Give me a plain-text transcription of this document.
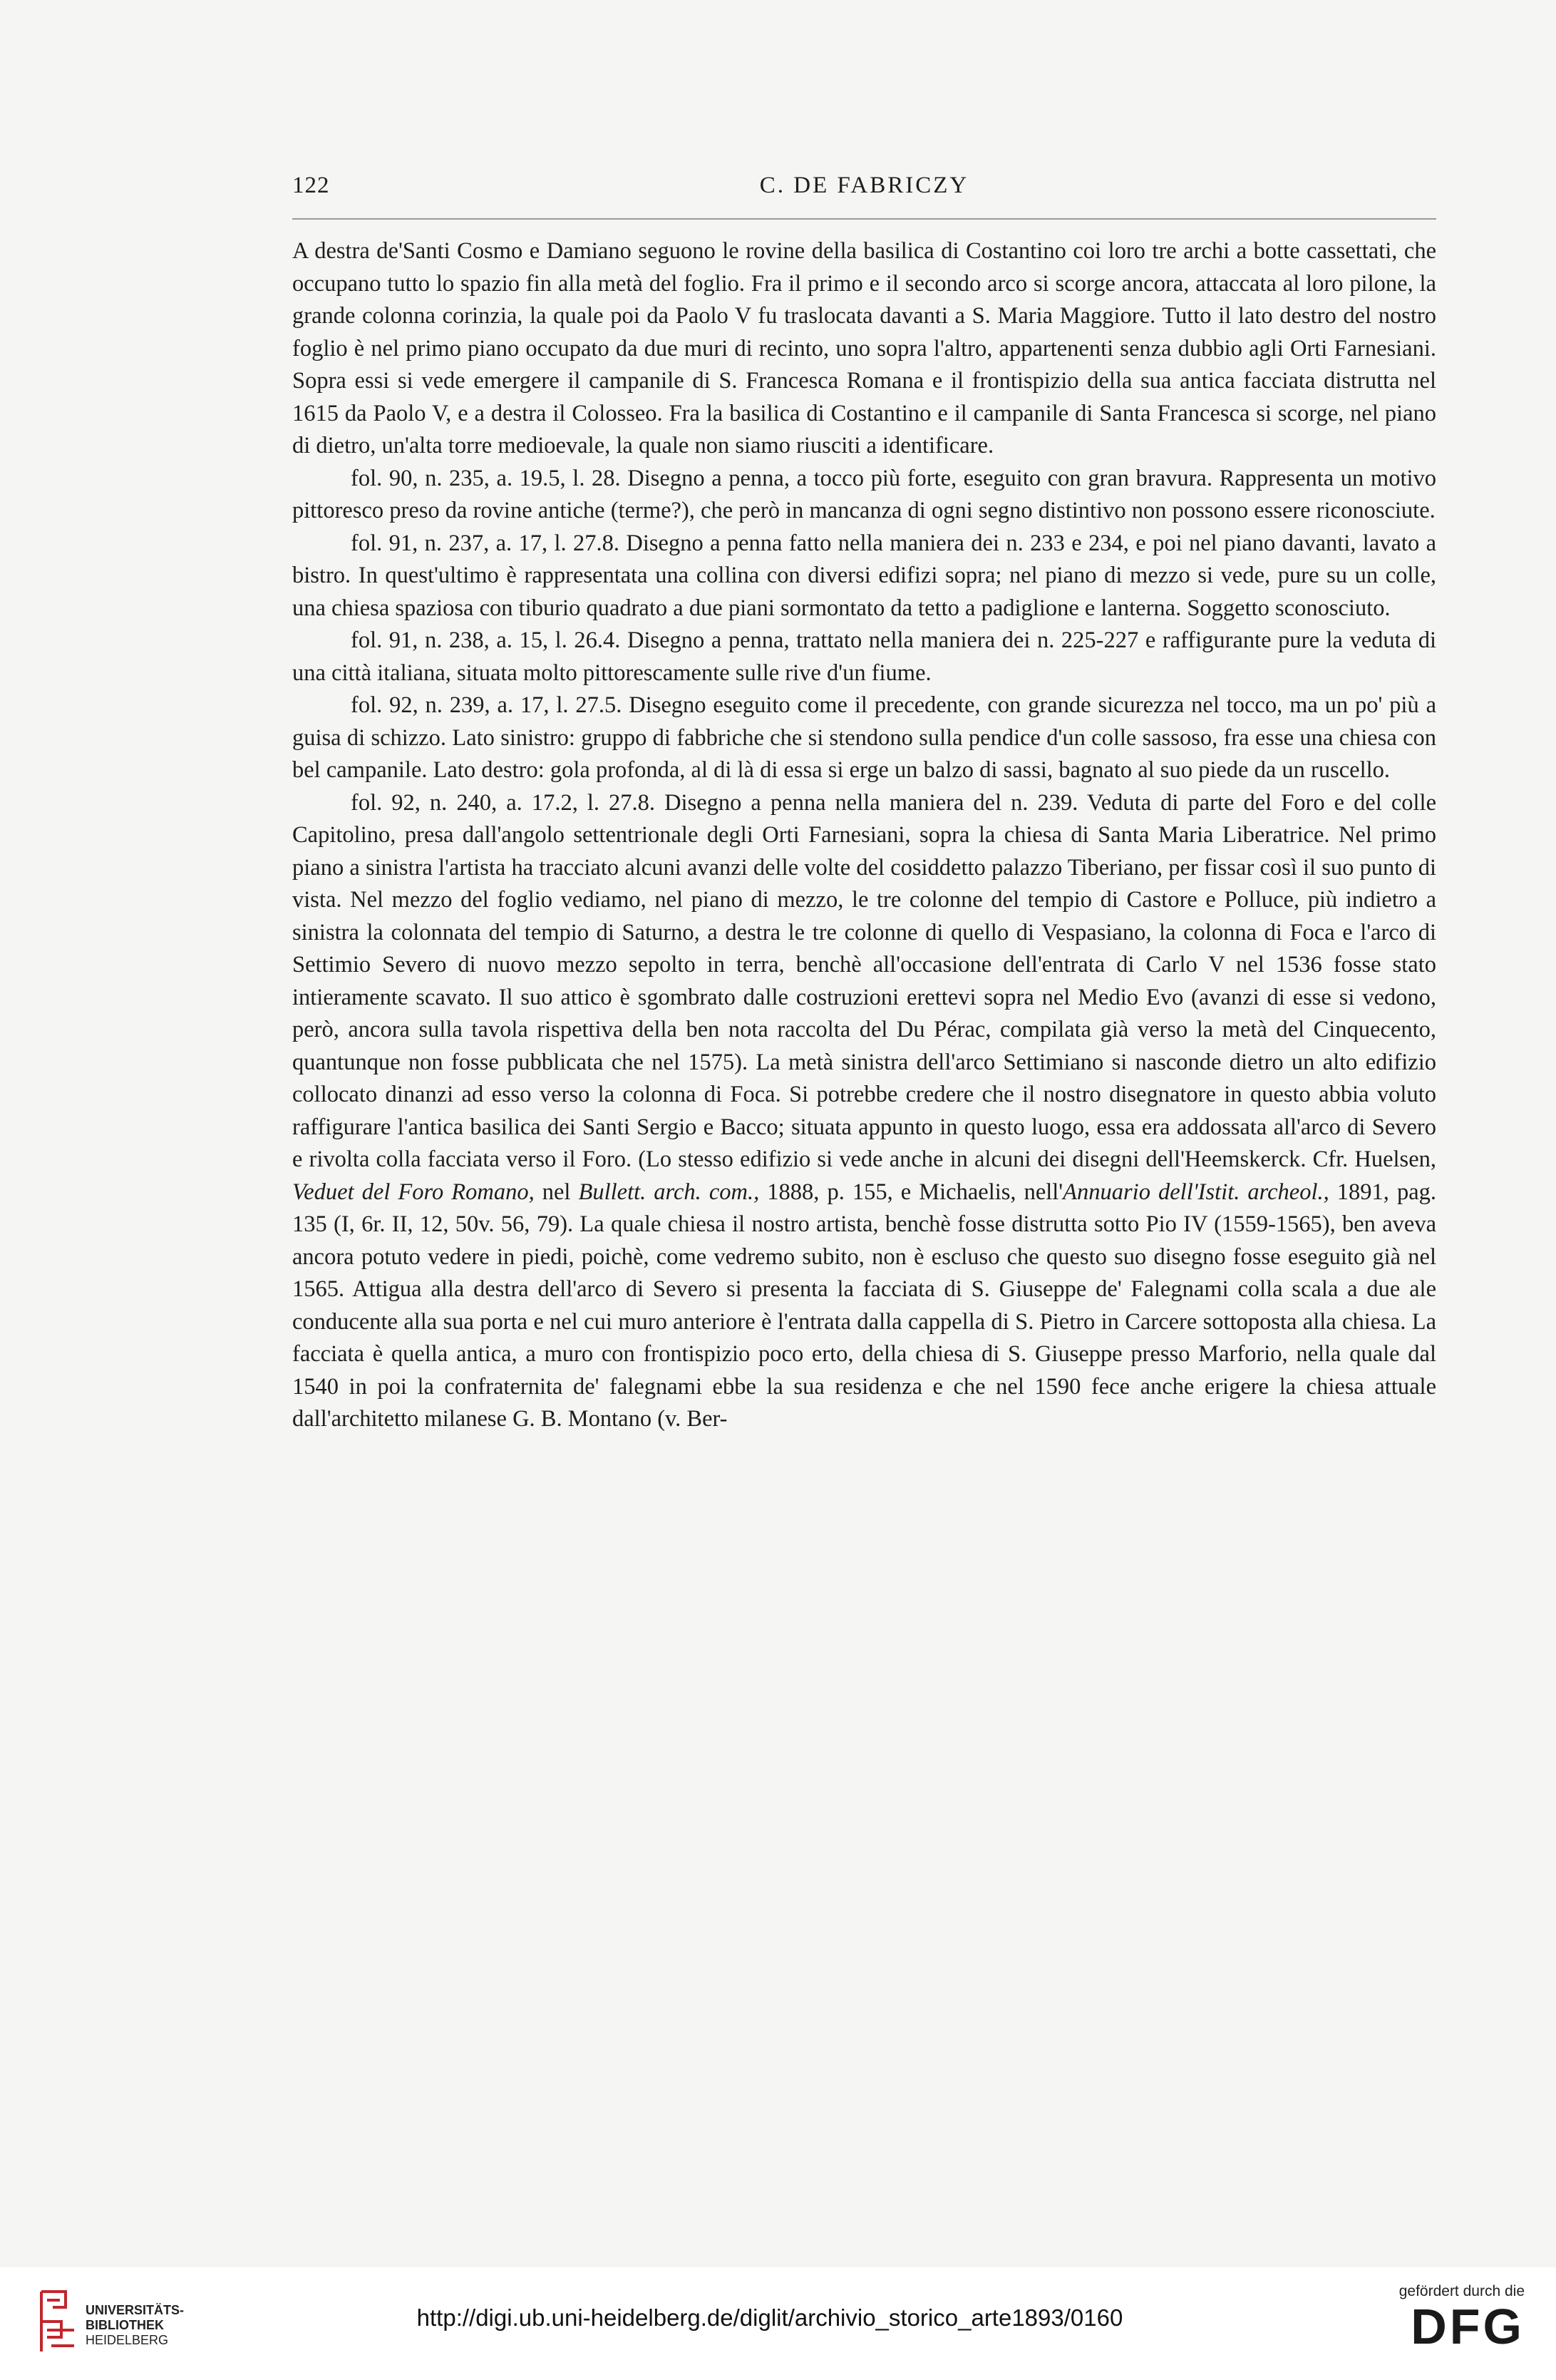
122	C. DE FABRICZY

A destra de'Santi Cosmo e Damiano seguono le rovine della basilica di Costantino coi loro tre archi a botte cassettati, che occupano tutto lo spazio fin alla metà del foglio. Fra il primo e il secondo arco si scorge ancora, attaccata al loro pilone, la grande colonna corinzia, la quale poi da Paolo V fu traslocata davanti a S. Maria Maggiore. Tutto il lato destro del nostro foglio è nel primo piano occupato da due muri di recinto, uno sopra l'altro, appartenenti senza dubbio agli Orti Farnesiani. Sopra essi si vede emergere il campanile di S. Francesca Romana e il frontispizio della sua antica facciata distrutta nel 1615 da Paolo V, e a destra il Colosseo. Fra la basilica di Costantino e il campanile di Santa Francesca si scorge, nel piano di dietro, un'alta torre medioevale, la quale non siamo riusciti a identificare.

fol. 90, n. 235, a. 19.5, l. 28. Disegno a penna, a tocco più forte, eseguito con gran bravura. Rappresenta un motivo pittoresco preso da rovine antiche (terme?), che però in mancanza di ogni segno distintivo non possono essere riconosciute.

fol. 91, n. 237, a. 17, l. 27.8. Disegno a penna fatto nella maniera dei n. 233 e 234, e poi nel piano davanti, lavato a bistro. In quest'ultimo è rappresentata una collina con diversi edifizi sopra; nel piano di mezzo si vede, pure su un colle, una chiesa spaziosa con tiburio quadrato a due piani sormontato da tetto a padiglione e lanterna. Soggetto sconosciuto.

fol. 91, n. 238, a. 15, l. 26.4. Disegno a penna, trattato nella maniera dei n. 225-227 e raffigurante pure la veduta di una città italiana, situata molto pittorescamente sulle rive d'un fiume.

fol. 92, n. 239, a. 17, l. 27.5. Disegno eseguito come il precedente, con grande sicurezza nel tocco, ma un po' più a guisa di schizzo. Lato sinistro: gruppo di fabbriche che si stendono sulla pendice d'un colle sassoso, fra esse una chiesa con bel campanile. Lato destro: gola profonda, al di là di essa si erge un balzo di sassi, bagnato al suo piede da un ruscello.

fol. 92, n. 240, a. 17.2, l. 27.8. Disegno a penna nella maniera del n. 239. Veduta di parte del Foro e del colle Capitolino, presa dall'angolo settentrionale degli Orti Farnesiani, sopra la chiesa di Santa Maria Liberatrice. Nel primo piano a sinistra l'artista ha tracciato alcuni avanzi delle volte del cosiddetto palazzo Tiberiano, per fissar così il suo punto di vista. Nel mezzo del foglio vediamo, nel piano di mezzo, le tre colonne del tempio di Castore e Polluce, più indietro a sinistra la colonnata del tempio di Saturno, a destra le tre colonne di quello di Vespasiano, la colonna di Foca e l'arco di Settimio Severo di nuovo mezzo sepolto in terra, benchè all'occasione dell'entrata di Carlo V nel 1536 fosse stato intieramente scavato. Il suo attico è sgombrato dalle costruzioni erettevi sopra nel Medio Evo (avanzi di esse si vedono, però, ancora sulla tavola rispettiva della ben nota raccolta del Du Pérac, compilata già verso la metà del Cinquecento, quantunque non fosse pubblicata che nel 1575). La metà sinistra dell'arco Settimiano si nasconde dietro un alto edifizio collocato dinanzi ad esso verso la colonna di Foca. Si potrebbe credere che il nostro disegnatore in questo abbia voluto raffigurare l'antica basilica dei Santi Sergio e Bacco; situata appunto in questo luogo, essa era addossata all'arco di Severo e rivolta colla facciata verso il Foro. (Lo stesso edifizio si vede anche in alcuni dei disegni dell'Heemskerck. Cfr. Huelsen, Veduet del Foro Romano, nel Bullett. arch. com., 1888, p. 155, e Michaelis, nell'Annuario dell'Istit. archeol., 1891, pag. 135 (I, 6r. II, 12, 50v. 56, 79). La quale chiesa il nostro artista, benchè fosse distrutta sotto Pio IV (1559-1565), ben aveva ancora potuto vedere in piedi, poichè, come vedremo subito, non è escluso che questo suo disegno fosse eseguito già nel 1565. Attigua alla destra dell'arco di Severo si presenta la facciata di S. Giuseppe de' Falegnami colla scala a due ale conducente alla sua porta e nel cui muro anteriore è l'entrata dalla cappella di S. Pietro in Carcere sottoposta alla chiesa. La facciata è quella antica, a muro con frontispizio poco erto, della chiesa di S. Giuseppe presso Marforio, nella quale dal 1540 in poi la confraternita de' falegnami ebbe la sua residenza e che nel 1590 fece anche erigere la chiesa attuale dall'architetto milanese G. B. Montano (v. Ber-

UNIVERSITÄTS-
BIBLIOTHEK
HEIDELBERG
http://digi.ub.uni-heidelberg.de/diglit/archivio_storico_arte1893/0160
gefördert durch die
DFG
